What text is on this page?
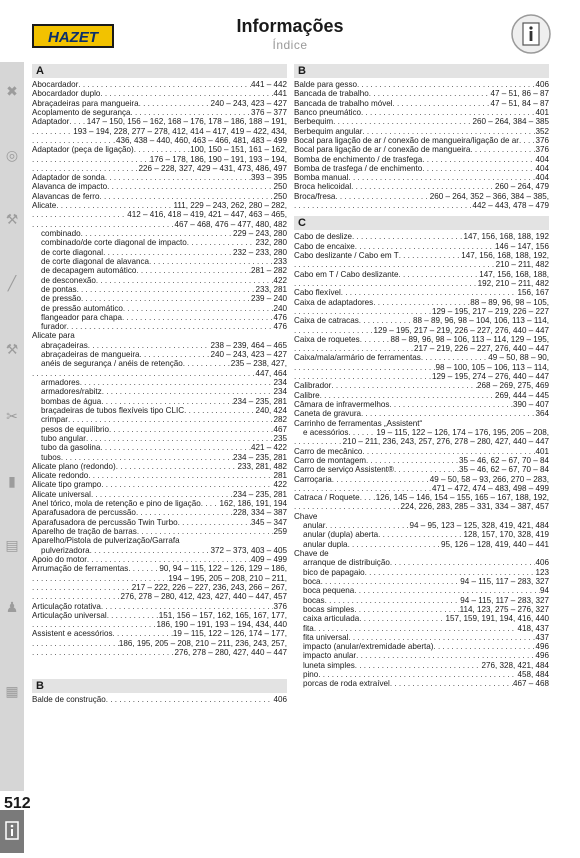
HAZET
Informações
Índice
✖
◎
⚒
╱
⚒
✂
▮
▤
♟
▦
512
A
Abocardador . . .	441 – 442
Abocardador duplo . . .	441
Abraçadeiras para mangueira . . .	240 – 243, 423 – 427
Acoplamento de segurança . . .	376 – 377
Adaptador . . . 147 – 150, 156 – 162, 168 – 176, 178 – 186, 188 – 191,
. . .
193 – 194, 228, 277 – 278, 412, 414 – 417, 419 – 422, 434,
. . .
436, 438 – 440, 460, 463 – 466, 481, 483 – 499
Adaptador (peça de ligação) . . .	100, 150 – 151, 161 – 162,
. . .
176 – 178, 186, 190 – 191, 193 – 194,
. . .
226 – 228, 327, 429 – 431, 473, 486, 497
Adaptador de sonda . . .	393 – 395
Alavanca de impacto . . .	250
Alavancas de ferro . . .	250
Alicate . . .	111, 229 – 243, 262, 280 – 282,
. . .
412 – 416, 418 – 419, 421 – 447, 463 – 465,
. . .
467 – 468, 476 – 477, 480, 482
combinado . . .	229 – 243, 280
combinado/de corte diagonal de impacto . . .	232, 280
de corte diagonal . . .	232 – 233, 280
de corte diagonal de alavanca . . .	233
de decapagem automático . . .	281 – 282
de desconexão . . .	422
de pontas . . .	233, 281
de pressão . . .	239 – 240
de pressão automático . . .	240
flangeador para chapa . . .	476
furador . . .	476
Alicate para
abraçadeiras . . .	238 – 239, 464 – 465
abraçadeiras de mangueira . . .	240 – 243, 423 – 427
anéis de segurança / anéis de retenção . . .	235 – 238, 427,
. . .
447, 464
armadores . . .	234
armadores/rabitz . . .	234
bombas de água . . .	234 – 235, 281
braçadeiras de tubos flexíveis tipo CLIC . . .	240, 424
crimpar . . .	282
pesos de equilíbrio . . .	467
tubo angular . . .	235
tubo da gasolina . . .	421 – 422
tubos . . .	234 – 235, 281
Alicate plano (redondo) . . .	233, 281, 482
Alicate redondo . . .	281
Alicate tipo grampo . . .	422
Alicate universal . . .	234 – 235, 281
Anel tórico, mola de retenção e pino de ligação . . . 162, 186, 191, 194
Aparafusadora de percussão . . .	228, 334 – 387
Aparafusadora de percussão Twin Turbo . . .	345 – 347
Aparelho de tração de barras . . .	259
Aparelho/Pistola de pulverização/Garrafa
pulverizadora . . .	372 – 373, 403 – 405
Apoio do motor . . .	409 – 499
Arrumação de ferramentas . . .	90, 94 – 115, 122 – 126, 129 – 186,
. . .
194 – 195, 205 – 208, 210 – 211,
. . .
217 – 222, 226 – 227, 236, 243, 266 – 267,
. . .
276, 278 – 280, 412, 423, 427, 440 – 447, 457
Articulação rotativa . . .	376
Articulação universal . . .	151, 156 – 157, 162, 165, 167, 177,
. . .
186, 190 – 191, 193 – 194, 434, 440
Assistent e acessórios . . .	19 – 115, 122 – 126, 174 – 177,
. . .
186, 195, 205 – 208, 210 – 211, 236, 243, 257,
. . .
276, 278 – 280, 427, 440 – 447
B
Balde de construção . . .	406
B
Balde para gesso . . .	406
Bancada de trabalho . . .	47 – 51, 86 – 87
Bancada de trabalho móvel . . .	47 – 51, 84 – 87
Banco pneumático . . .	401
Berbequim . . .	260 – 264, 384 – 385
Berbequim angular . . .	352
Bocal para ligação de ar / conexão de mangueira/ligação de ar . . . 376
Bocal para ligação de ar / conexão de mangueira . . .	376
Bomba de enchimento / de trasfega . . .	404
Bomba de trasfega / de enchimento . . .	404
Bomba manual . . .	404
Broca helicoidal . . .	260 – 264, 479
Broca/fresa . . .	260 – 264, 352 – 366, 384 – 385,
. . .
442 – 443, 478 – 479
C
Cabo de deslize . . .	147, 156, 168, 188, 192
Cabo de encaixe . . .	146 – 147, 156
Cabo deslizante / Cabo em T . . .	147, 156, 168, 188, 192,
. . .
210 – 211, 482
Cabo em T / Cabo deslizante . . .	147, 156, 168, 188,
. . .
192, 210 – 211, 482
Cabo flexível . . .	156, 167
Caixa de adaptadores . . .	88 – 89, 96, 98 – 105,
. . .
129 – 195, 217 – 219, 226 – 227
Caixa de catracas . . .	88 – 89, 96, 98 – 104, 106, 113 – 114,
. . .
129 – 195, 217 – 219, 226 – 227, 276, 440 – 447
Caixa de roquetes . . .	88 – 89, 96, 98 – 106, 113 – 114, 129 – 195,
. . .
217 – 219, 226 – 227, 276, 440 – 447
Caixa/mala/armário de ferramentas . . .	49 – 50, 88 – 90,
. . .
98 – 100, 105 – 106, 113 – 114,
. . .
129 – 195, 274 – 276, 440 – 447
Calibrador . . .	268 – 269, 275, 469
Calibre . . .	269, 444 – 445
Câmara de infravermelhos . . .	390 – 407
Caneta de gravura . . .	364
Carrinho de ferramentas „Assistent“
e acessórios . . .	19 – 115, 122 – 126, 174 – 176, 195, 205 – 208,
. . .
210 – 211, 236, 243, 257, 276, 278 – 280, 427, 440 – 447
Carro de mecânico . . .	401
Carro de montagem . . .	35 – 46, 62 – 67, 70 – 84
Carro de serviço Assistent® . . .	35 – 46, 62 – 67, 70 – 84
Carroçaria . . .	49 – 50, 58 – 93, 266, 270 – 283,
. . .
471 – 472, 474 – 483, 498 – 499
Catraca / Roquete . . . 126, 145 – 146, 154 – 155, 165 – 167, 188, 192,
. . .
224, 226, 283, 285 – 331, 334 – 387, 457
Chave
anular . . .	94 – 95, 123 – 125, 328, 419, 421, 484
anular (dupla) aberta . . .	128, 157, 170, 328, 419
anular dupla . . .	95, 126 – 128, 419, 440 – 441
Chave de
arranque de distribuição . . .	406
bico de papagaio . . .	123
boca . . .	94 – 115, 117 – 283, 327
boca pequena . . .	94
bocas . . .	94 – 115, 117 – 283, 327
bocas simples . . .	114, 123, 275 – 276, 327
caixa articulada . . .	157, 159, 191, 194, 416, 440
fita . . .	418, 437
fita universal . . .	437
impacto (anular/extremidade aberta) . . .	496
impacto anular . . .	496
luneta simples . . .	276, 328, 421, 484
pino . . .	458, 484
porcas de roda extraível . . .	467 – 468
